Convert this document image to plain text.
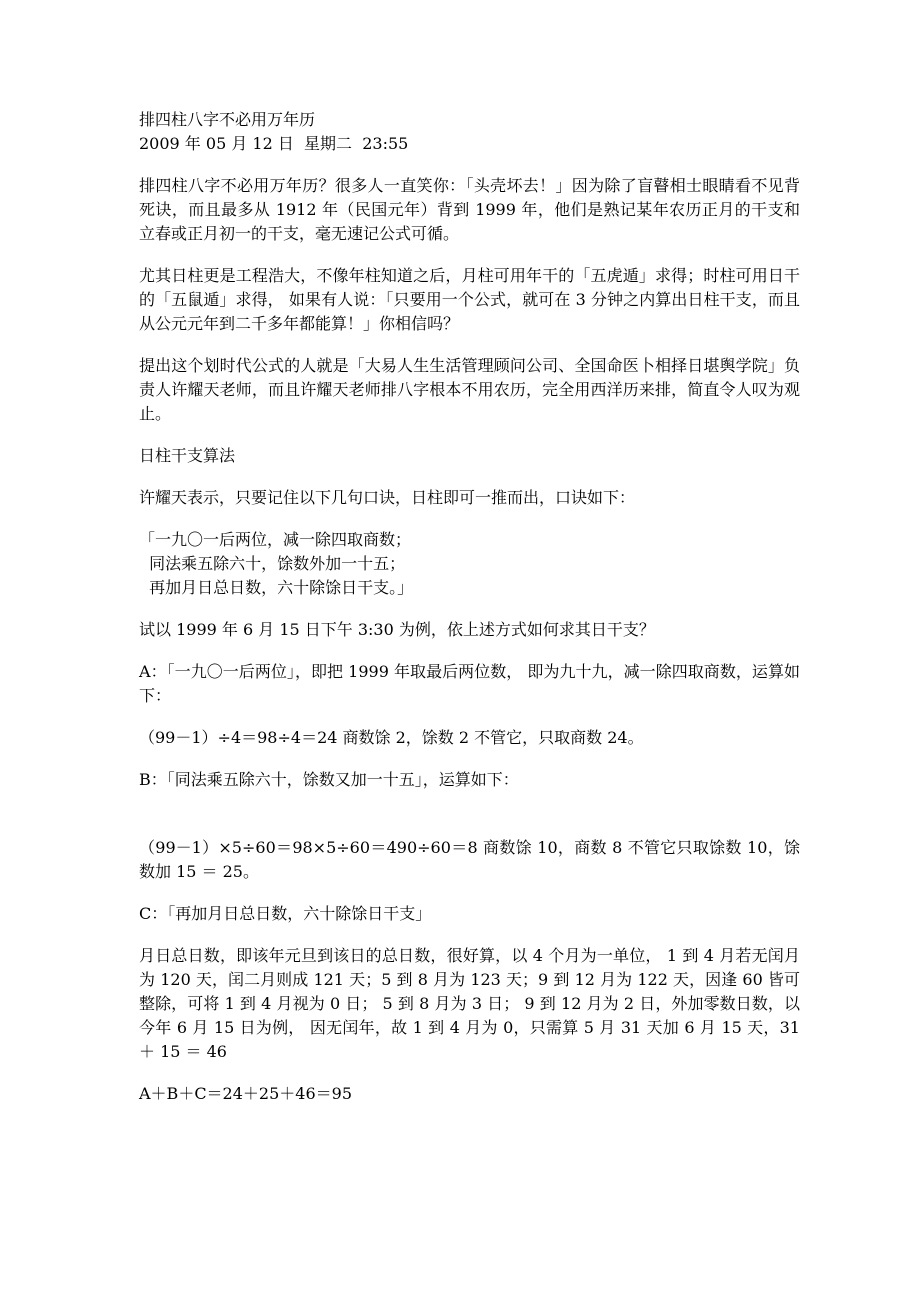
排四柱八字不必用万年历
2009 年 05 月 12 日  星期二  23:55

排四柱八字不必用万年历？很多人一直笑你：「头壳坏去！」因为除了盲瞽相士眼睛看不见背死诀，而且最多从 1912 年（民国元年）背到 1999 年，他们是熟记某年农历正月的干支和立春或正月初一的干支，毫无速记公式可循。

尤其日柱更是工程浩大，不像年柱知道之后，月柱可用年干的「五虎遁」求得；时柱可用日干的「五鼠遁」求得， 如果有人说：「只要用一个公式，就可在 3 分钟之内算出日柱干支，而且从公元元年到二千多年都能算！」你相信吗？

提出这个划时代公式的人就是「大易人生生活管理顾问公司、全国命医卜相择日堪舆学院」负责人许耀天老师，而且许耀天老师排八字根本不用农历，完全用西洋历来排，简直令人叹为观止。

日柱干支算法

许耀天表示，只要记住以下几句口诀，日柱即可一推而出，口诀如下：

「一九〇一后两位，减一除四取商数；
同法乘五除六十，馀数外加一十五；
再加月日总日数，六十除馀日干支。」

试以 1999 年 6 月 15 日下午 3:30 为例，依上述方式如何求其日干支？

A：「一九〇一后两位」，即把 1999 年取最后两位数， 即为九十九，减一除四取商数，运算如下：

（99－1）÷4＝98÷4＝24 商数馀 2，馀数 2 不管它，只取商数 24。

B：「同法乘五除六十，馀数又加一十五」，运算如下：

（99－1）×5÷60＝98×5÷60＝490÷60＝8 商数馀 10，商数 8 不管它只取馀数 10，馀数加 15 ＝ 25。

C：「再加月日总日数，六十除馀日干支」

月日总日数，即该年元旦到该日的总日数，很好算，以 4 个月为一单位， 1 到 4 月若无闰月为 120 天，闰二月则成 121 天；5 到 8 月为 123 天；9 到 12 月为 122 天，因逢 60 皆可整除，可将 1 到 4 月视为 0 日； 5 到 8 月为 3 日； 9 到 12 月为 2 日，外加零数日数，以今年 6 月 15 日为例， 因无闰年，故 1 到 4 月为 0，只需算 5 月 31 天加 6 月 15 天，31 ＋ 15 ＝ 46

A＋B＋C＝24＋25＋46＝95
